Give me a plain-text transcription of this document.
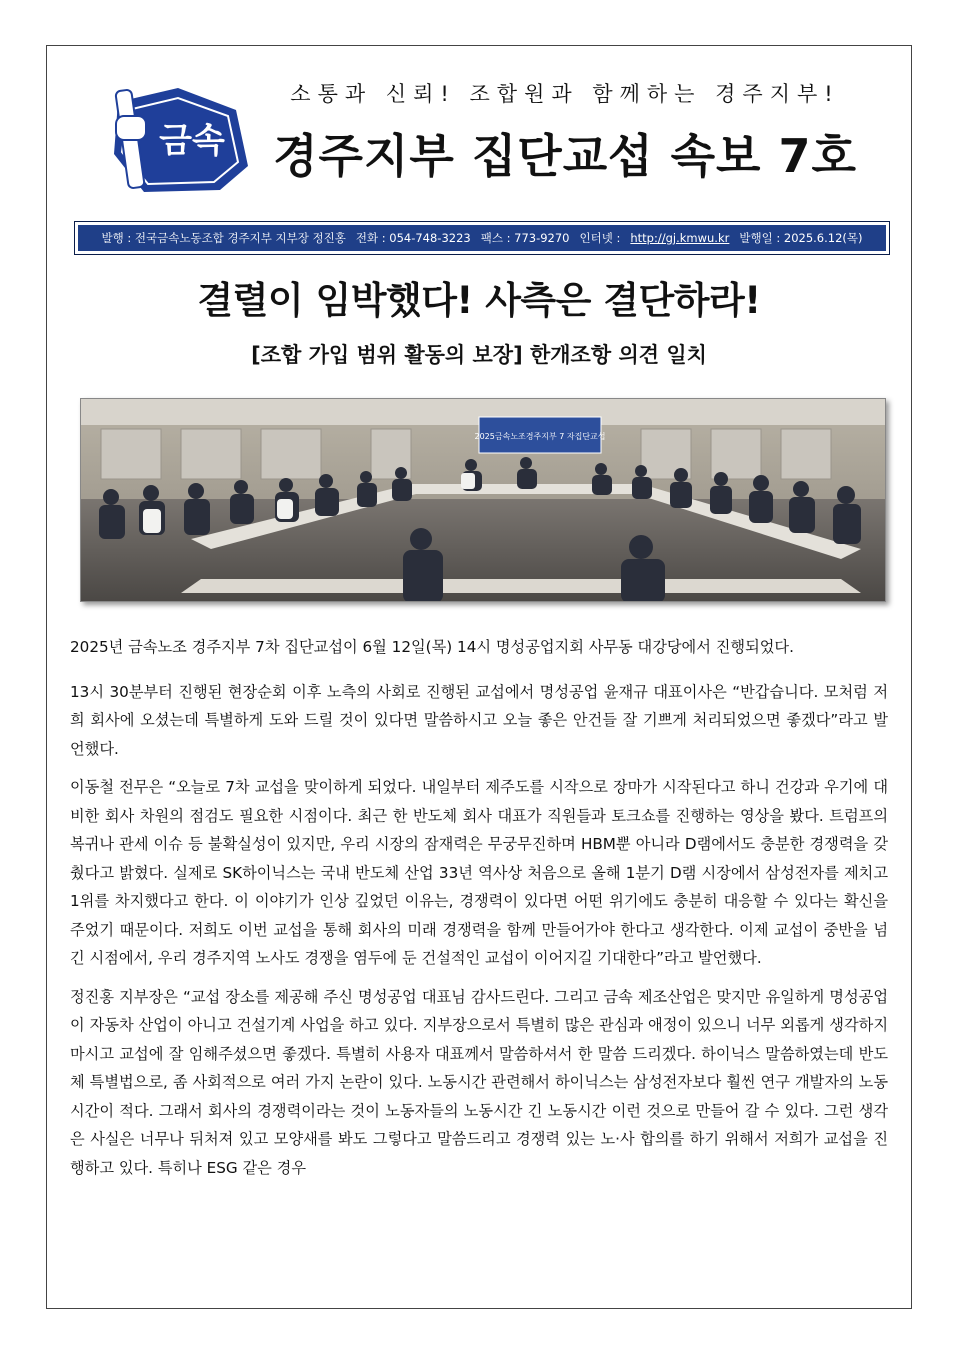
금속
소통과 신뢰! 조합원과 함께하는 경주지부!
경주지부 집단교섭 속보 7호
발행 : 전국금속노동조합 경주지부 지부장 정진홍 전화 : 054-748-3223 팩스 : 773-9270 인터넷 : http://gj.kmwu.kr 발행일 : 2025.6.12(목)
결렬이 임박했다! 사측은 결단하라!
[조합 가입 범위 활동의 보장] 한개조항 의견 일치
2025금속노조경주지부 7 자집단교섭

2025년 금속노조 경주지부 7차 집단교섭이 6월 12일(목) 14시 명성공업지회 사무동 대강당에서 진행되었다.

13시 30분부터 진행된 현장순회 이후 노측의 사회로 진행된 교섭에서 명성공업 윤재규 대표이사은 “반갑습니다. 모처럼 저희 회사에 오셨는데 특별하게 도와 드릴 것이 있다면 말씀하시고 오늘 좋은 안건들 잘 기쁘게 처리되었으면 좋겠다”라고 발언했다.

이동철 전무은 “오늘로 7차 교섭을 맞이하게 되었다. 내일부터 제주도를 시작으로 장마가 시작된다고 하니 건강과 우기에 대비한 회사 차원의 점검도 필요한 시점이다. 최근 한 반도체 회사 대표가 직원들과 토크쇼를 진행하는 영상을 봤다. 트럼프의 복귀나 관세 이슈 등 불확실성이 있지만, 우리 시장의 잠재력은 무궁무진하며 HBM뿐 아니라 D램에서도 충분한 경쟁력을 갖췄다고 밝혔다. 실제로 SK하이닉스는 국내 반도체 산업 33년 역사상 처음으로 올해 1분기 D램 시장에서 삼성전자를 제치고 1위를 차지했다고 한다. 이 이야기가 인상 깊었던 이유는, 경쟁력이 있다면 어떤 위기에도 충분히 대응할 수 있다는 확신을 주었기 때문이다. 저희도 이번 교섭을 통해 회사의 미래 경쟁력을 함께 만들어가야 한다고 생각한다. 이제 교섭이 중반을 넘긴 시점에서, 우리 경주지역 노사도 경쟁을 염두에 둔 건설적인 교섭이 이어지길 기대한다”라고 발언했다.

정진홍 지부장은 “교섭 장소를 제공해 주신 명성공업 대표님 감사드린다. 그리고 금속 제조산업은 맞지만 유일하게 명성공업이 자동차 산업이 아니고 건설기계 사업을 하고 있다. 지부장으로서 특별히 많은 관심과 애정이 있으니 너무 외롭게 생각하지 마시고 교섭에 잘 임해주셨으면 좋겠다. 특별히 사용자 대표께서 말씀하셔서 한 말씀 드리겠다. 하이닉스 말씀하였는데 반도체 특별법으로, 좀 사회적으로 여러 가지 논란이 있다. 노동시간 관련해서 하이닉스는 삼성전자보다 훨씬 연구 개발자의 노동시간이 적다. 그래서 회사의 경쟁력이라는 것이 노동자들의 노동시간 긴 노동시간 이런 것으로 만들어 갈 수 있다. 그런 생각은 사실은 너무나 뒤처져 있고 모양새를 봐도 그렇다고 말씀드리고 경쟁력 있는 노·사 합의를 하기 위해서 저희가 교섭을 진행하고 있다. 특히나 ESG 같은 경우
